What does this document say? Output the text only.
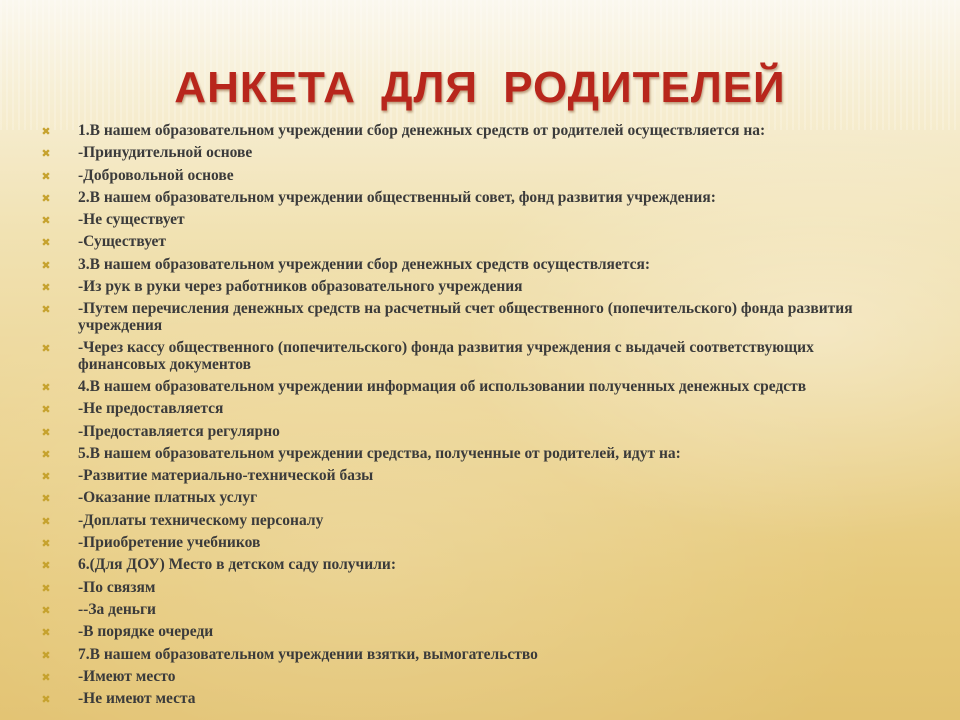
АНКЕТА ДЛЯ РОДИТЕЛЕЙ
✖ 1.В нашем образовательном учреждении сбор денежных средств от родителей осуществляется на:
✖ -Принудительной основе
✖ -Добровольной основе
✖ 2.В нашем образовательном учреждении общественный совет, фонд развития учреждения:
✖ -Не существует
✖ -Существует
✖ 3.В нашем образовательном учреждении сбор денежных средств осуществляется:
✖ -Из рук в руки через работников образовательного учреждения
✖ -Путем перечисления денежных средств на расчетный счет общественного (попечительского) фонда развития учреждения
✖ -Через кассу общественного (попечительского) фонда развития учреждения с выдачей соответствующих финансовых документов
✖ 4.В нашем образовательном учреждении информация об использовании полученных денежных средств
✖ -Не предоставляется
✖ -Предоставляется регулярно
✖ 5.В нашем образовательном учреждении средства, полученные от родителей, идут на:
✖ -Развитие материально-технической базы
✖ -Оказание платных услуг
✖ -Доплаты техническому персоналу
✖ -Приобретение учебников
✖ 6.(Для ДОУ) Место в детском саду получили:
✖ -По связям
✖ --За деньги
✖ -В порядке очереди
✖ 7.В нашем образовательном учреждении взятки, вымогательство
✖ -Имеют место
✖ -Не имеют места
